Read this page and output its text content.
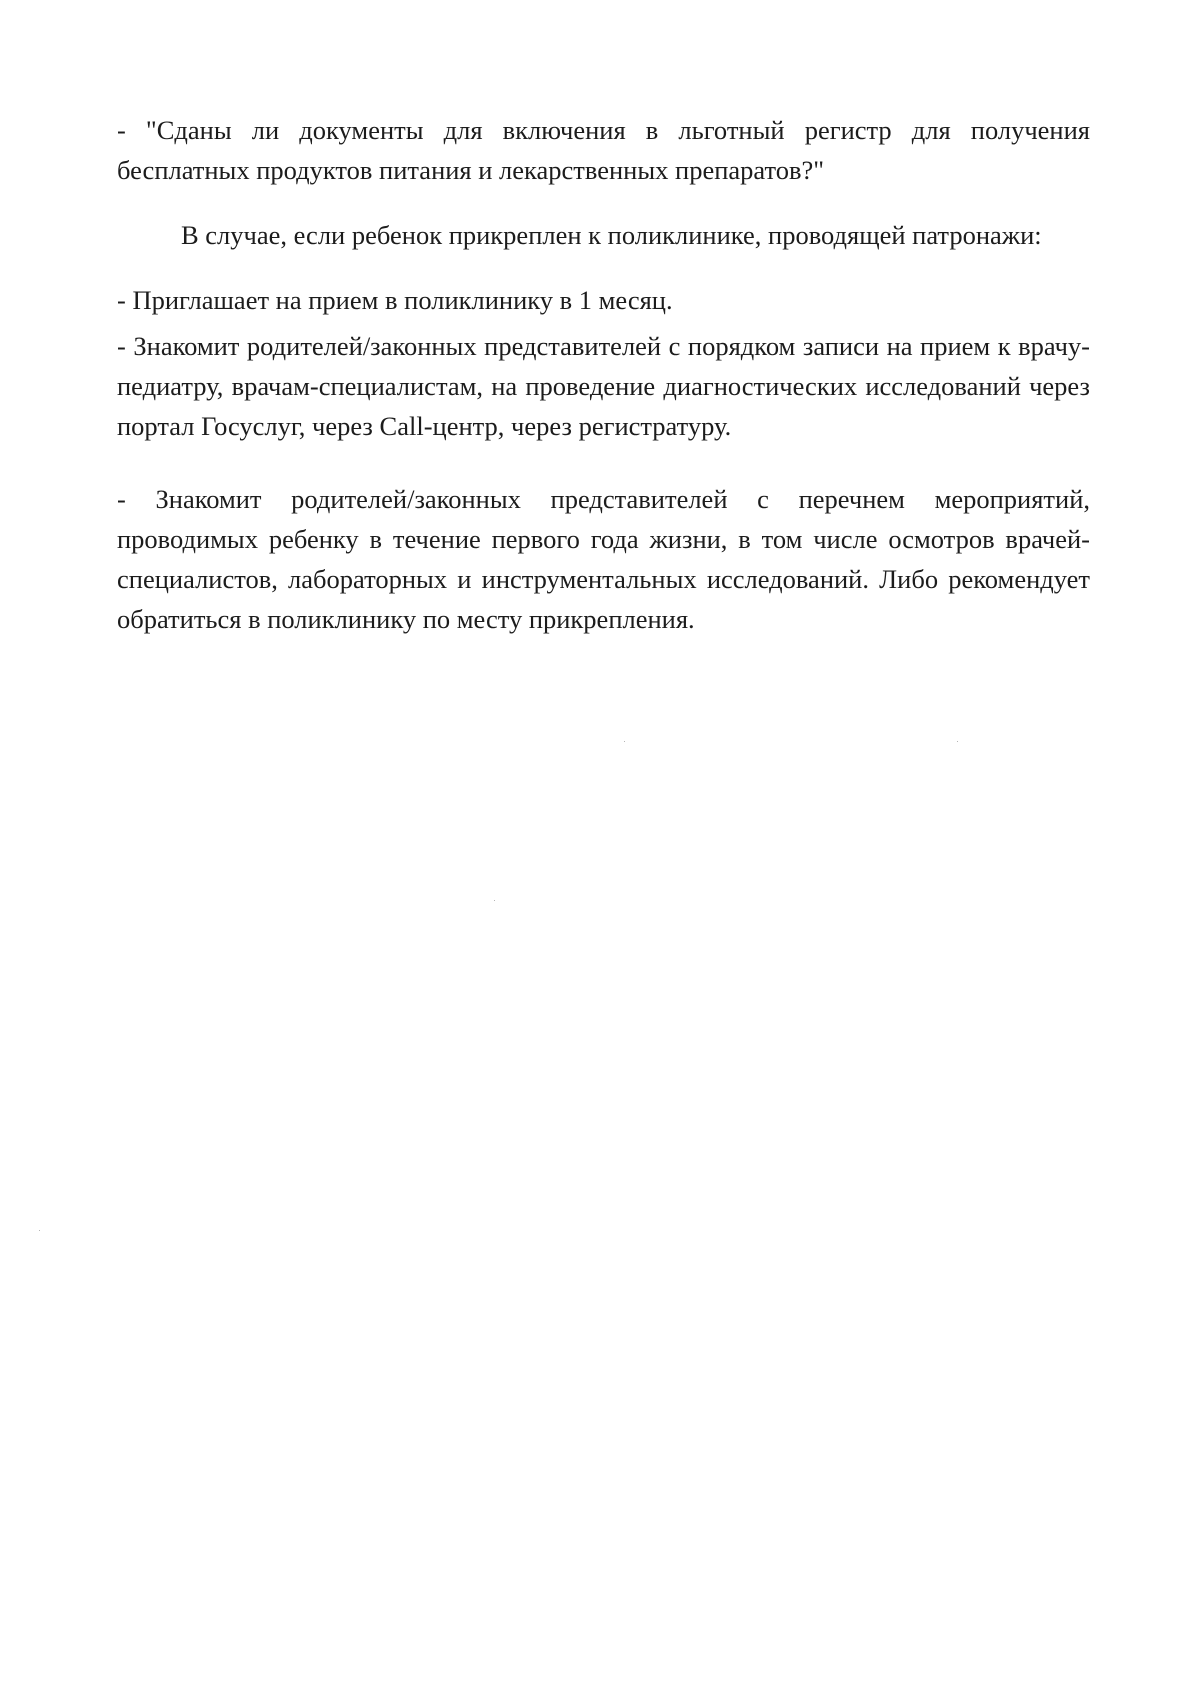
- "Сданы ли документы для включения в льготный регистр для получения бесплатных продуктов питания и лекарственных препаратов?"

В случае, если ребенок прикреплен к поликлинике, проводящей патронажи:

- Приглашает на прием в поликлинику в 1 месяц.

- Знакомит родителей/законных представителей с порядком записи на прием к врачу-педиатру, врачам-специалистам, на проведение диагностических исследований через портал Госуслуг, через Call-центр, через регистратуру.

- Знакомит родителей/законных представителей с перечнем мероприятий, проводимых ребенку в течение первого года жизни, в том числе осмотров врачей-специалистов, лабораторных и инструментальных исследований. Либо рекомендует обратиться в поликлинику по месту прикрепления.
